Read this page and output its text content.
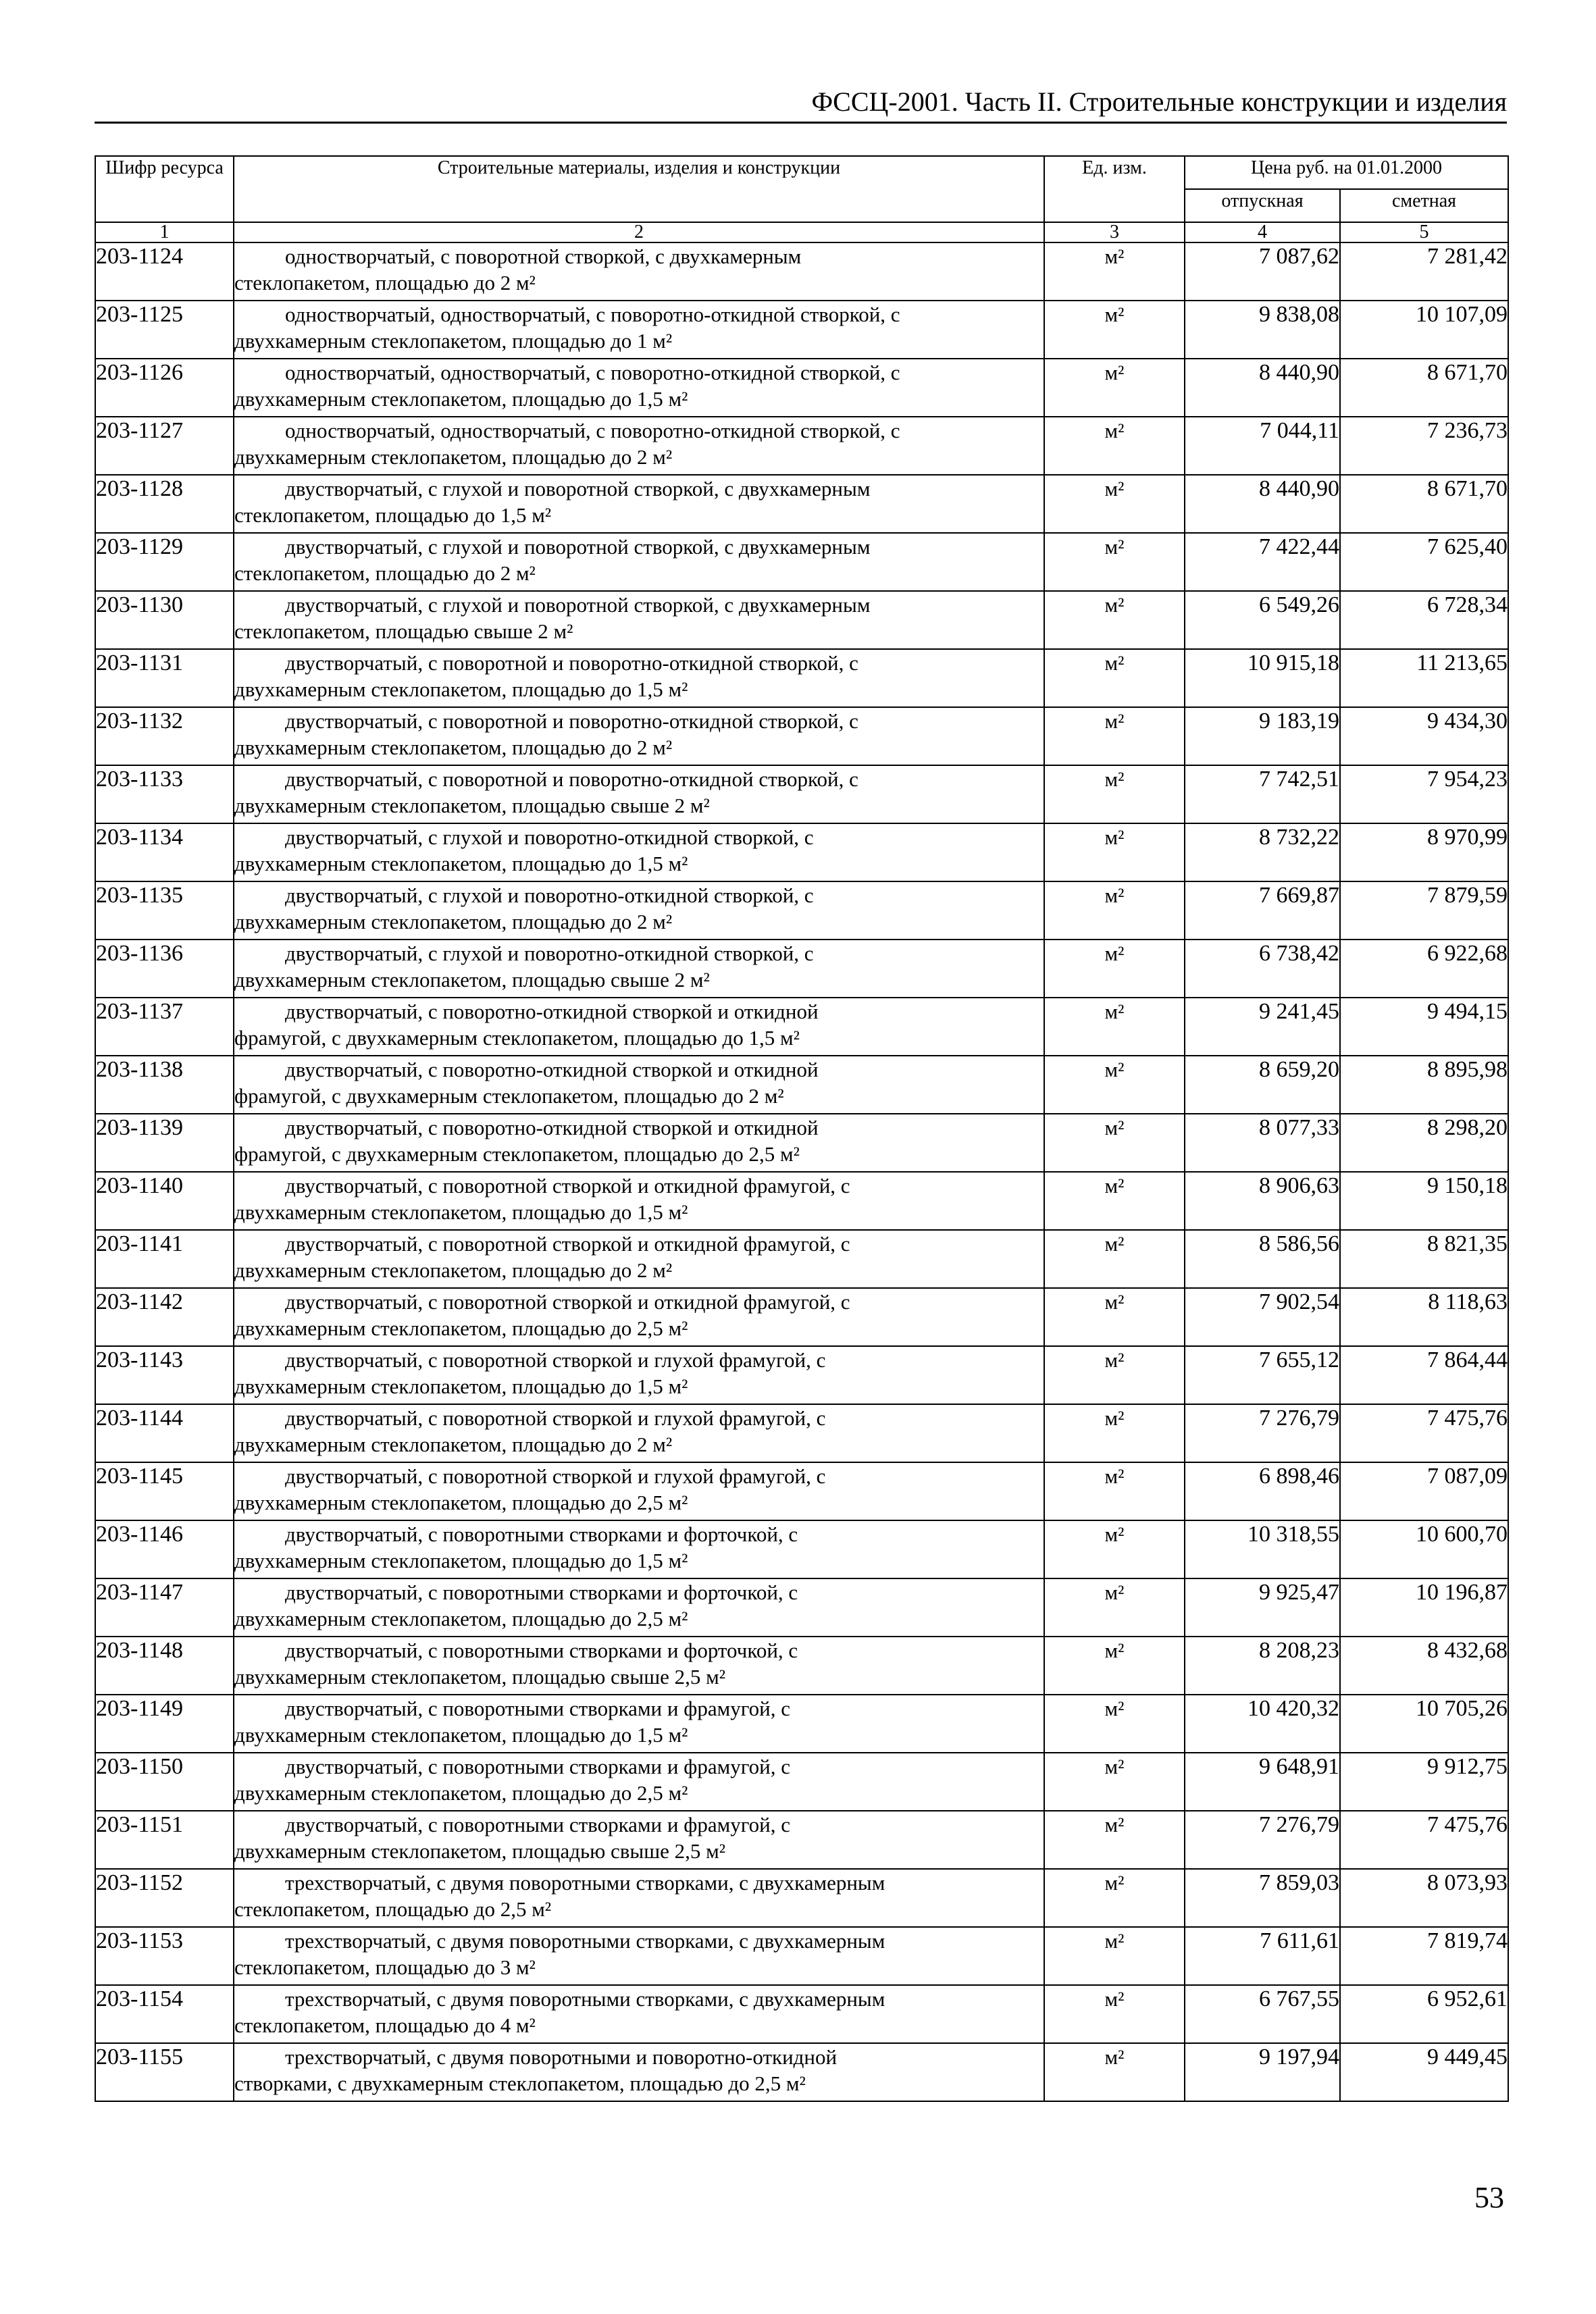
ФССЦ-2001. Часть II. Строительные конструкции и изделия
Шифр ресурса	Строительные материалы, изделия и конструкции	Ед. изм.	Цена руб. на 01.01.2000	
			отпускная	сметная
1	2	3	4	5
203-1124	одностворчатый, с поворотной створкой, с двухкамерным
стеклопакетом, площадью до 2 м²	м²	7 087,62	7 281,42
203-1125	одностворчатый, одностворчатый, с поворотно-откидной створкой, с
двухкамерным стеклопакетом, площадью до 1 м²	м²	9 838,08	10 107,09
203-1126	одностворчатый, одностворчатый, с поворотно-откидной створкой, с
двухкамерным стеклопакетом, площадью до 1,5 м²	м²	8 440,90	8 671,70
203-1127	одностворчатый, одностворчатый, с поворотно-откидной створкой, с
двухкамерным стеклопакетом, площадью до 2 м²	м²	7 044,11	7 236,73
203-1128	двустворчатый, с глухой и поворотной створкой, с двухкамерным
стеклопакетом, площадью до 1,5 м²	м²	8 440,90	8 671,70
203-1129	двустворчатый, с глухой и поворотной створкой, с двухкамерным
стеклопакетом, площадью до 2 м²	м²	7 422,44	7 625,40
203-1130	двустворчатый, с глухой и поворотной створкой, с двухкамерным
стеклопакетом, площадью свыше 2 м²	м²	6 549,26	6 728,34
203-1131	двустворчатый, с поворотной и поворотно-откидной створкой, с
двухкамерным стеклопакетом, площадью до 1,5 м²	м²	10 915,18	11 213,65
203-1132	двустворчатый, с поворотной и поворотно-откидной створкой, с
двухкамерным стеклопакетом, площадью до 2 м²	м²	9 183,19	9 434,30
203-1133	двустворчатый, с поворотной и поворотно-откидной створкой, с
двухкамерным стеклопакетом, площадью свыше 2 м²	м²	7 742,51	7 954,23
203-1134	двустворчатый, с глухой и поворотно-откидной створкой, с
двухкамерным стеклопакетом, площадью до 1,5 м²	м²	8 732,22	8 970,99
203-1135	двустворчатый, с глухой и поворотно-откидной створкой, с
двухкамерным стеклопакетом, площадью до 2 м²	м²	7 669,87	7 879,59
203-1136	двустворчатый, с глухой и поворотно-откидной створкой, с
двухкамерным стеклопакетом, площадью свыше 2 м²	м²	6 738,42	6 922,68
203-1137	двустворчатый, с поворотно-откидной створкой и откидной
фрамугой, с двухкамерным стеклопакетом, площадью до 1,5 м²	м²	9 241,45	9 494,15
203-1138	двустворчатый, с поворотно-откидной створкой и откидной
фрамугой, с двухкамерным стеклопакетом, площадью до 2 м²	м²	8 659,20	8 895,98
203-1139	двустворчатый, с поворотно-откидной створкой и откидной
фрамугой, с двухкамерным стеклопакетом, площадью до 2,5 м²	м²	8 077,33	8 298,20
203-1140	двустворчатый, с поворотной створкой и откидной фрамугой, с
двухкамерным стеклопакетом, площадью до 1,5 м²	м²	8 906,63	9 150,18
203-1141	двустворчатый, с поворотной створкой и откидной фрамугой, с
двухкамерным стеклопакетом, площадью до 2 м²	м²	8 586,56	8 821,35
203-1142	двустворчатый, с поворотной створкой и откидной фрамугой, с
двухкамерным стеклопакетом, площадью до 2,5 м²	м²	7 902,54	8 118,63
203-1143	двустворчатый, с поворотной створкой и глухой фрамугой, с
двухкамерным стеклопакетом, площадью до 1,5 м²	м²	7 655,12	7 864,44
203-1144	двустворчатый, с поворотной створкой и глухой фрамугой, с
двухкамерным стеклопакетом, площадью до 2 м²	м²	7 276,79	7 475,76
203-1145	двустворчатый, с поворотной створкой и глухой фрамугой, с
двухкамерным стеклопакетом, площадью до 2,5 м²	м²	6 898,46	7 087,09
203-1146	двустворчатый, с поворотными створками и форточкой, с
двухкамерным стеклопакетом, площадью до 1,5 м²	м²	10 318,55	10 600,70
203-1147	двустворчатый, с поворотными створками и форточкой, с
двухкамерным стеклопакетом, площадью до 2,5 м²	м²	9 925,47	10 196,87
203-1148	двустворчатый, с поворотными створками и форточкой, с
двухкамерным стеклопакетом, площадью свыше 2,5 м²	м²	8 208,23	8 432,68
203-1149	двустворчатый, с поворотными створками и фрамугой, с
двухкамерным стеклопакетом, площадью до 1,5 м²	м²	10 420,32	10 705,26
203-1150	двустворчатый, с поворотными створками и фрамугой, с
двухкамерным стеклопакетом, площадью до 2,5 м²	м²	9 648,91	9 912,75
203-1151	двустворчатый, с поворотными створками и фрамугой, с
двухкамерным стеклопакетом, площадью свыше 2,5 м²	м²	7 276,79	7 475,76
203-1152	трехстворчатый, с двумя поворотными створками, с двухкамерным
стеклопакетом, площадью до 2,5 м²	м²	7 859,03	8 073,93
203-1153	трехстворчатый, с двумя поворотными створками, с двухкамерным
стеклопакетом, площадью до 3 м²	м²	7 611,61	7 819,74
203-1154	трехстворчатый, с двумя поворотными створками, с двухкамерным
стеклопакетом, площадью до 4 м²	м²	6 767,55	6 952,61
203-1155	трехстворчатый, с двумя поворотными и поворотно-откидной
створками, с двухкамерным стеклопакетом, площадью до 2,5 м²	м²	9 197,94	9 449,45
53
